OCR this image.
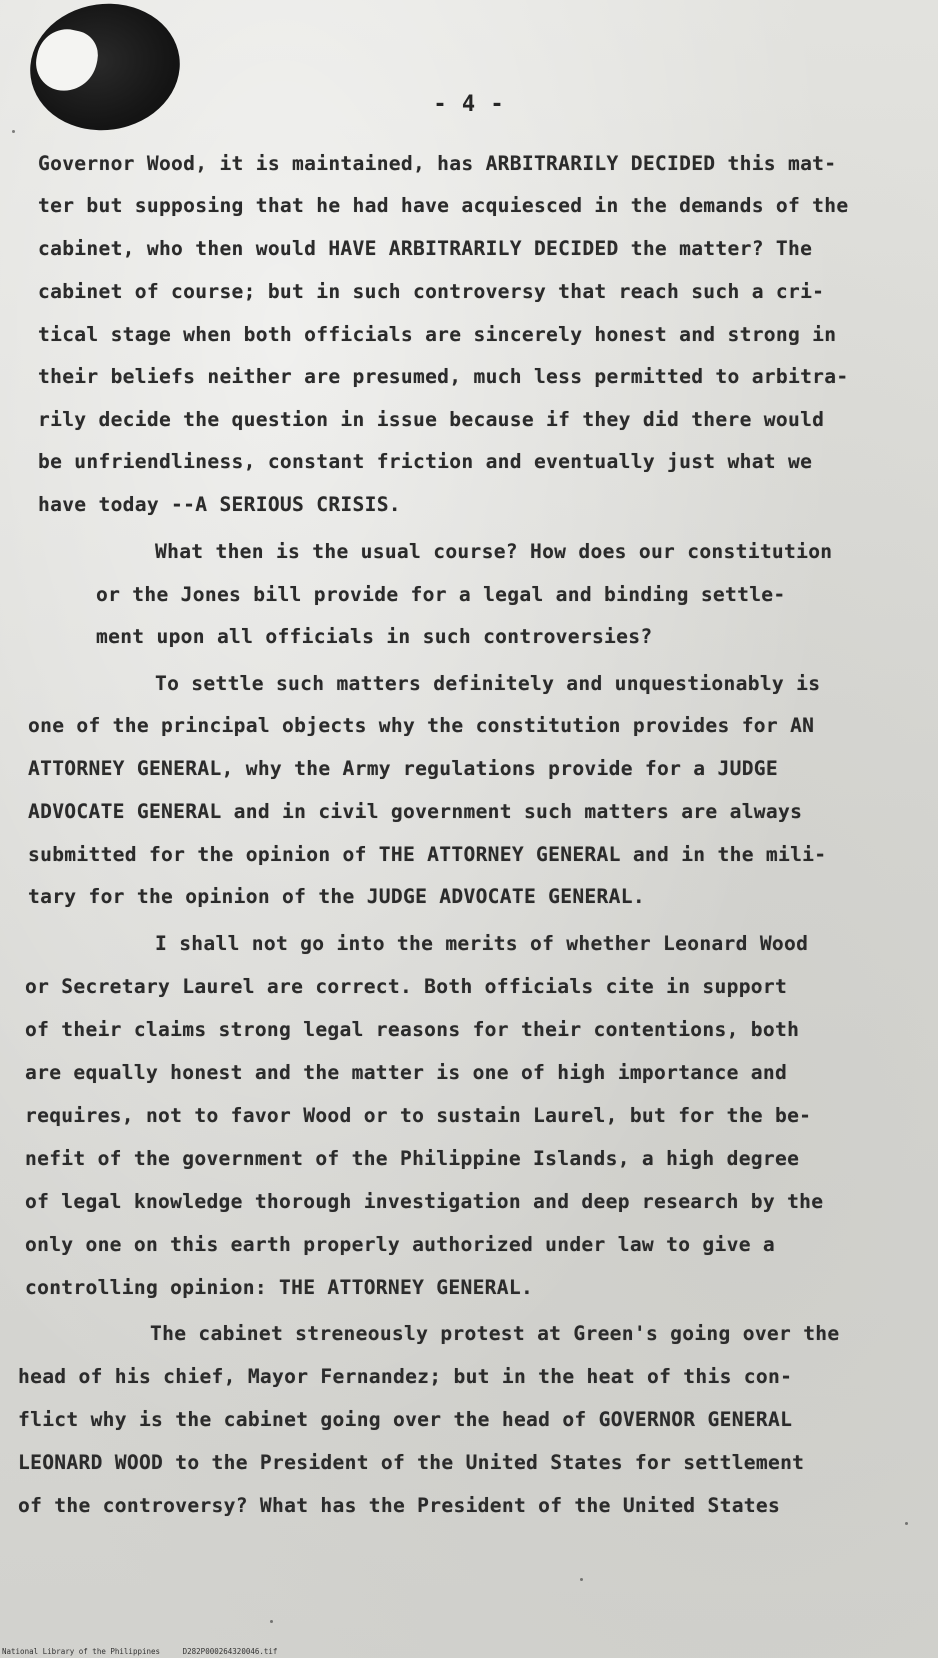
- 4 -
Governor Wood, it is maintained, has ARBITRARILY DECIDED this mat-
ter but supposing that he had have acquiesced in the demands of the
cabinet, who then would HAVE ARBITRARILY DECIDED the matter? The
cabinet of course; but in such controversy that reach such a cri-
tical stage when both officials are sincerely honest and strong in
their beliefs neither are presumed, much less permitted to arbitra-
rily decide the question in issue because if they did there would
be unfriendliness, constant friction and eventually just what we
have today --A SERIOUS CRISIS.
What then is the usual course? How does our constitution
or the Jones bill provide for a legal and binding settle-
ment upon all officials in such controversies?
To settle such matters definitely and unquestionably is
one of the principal objects why the constitution provides for AN
ATTORNEY GENERAL, why the Army regulations provide for a JUDGE
ADVOCATE GENERAL and in civil government such matters are always
submitted for the opinion of THE ATTORNEY GENERAL and in the mili-
tary for the opinion of the JUDGE ADVOCATE GENERAL.
I shall not go into the merits of whether Leonard Wood
or Secretary Laurel are correct. Both officials cite in support
of their claims strong legal reasons for their contentions, both
are equally honest and the matter is one of high importance and
requires, not to favor Wood or to sustain Laurel, but for the be-
nefit of the government of the Philippine Islands, a high degree
of legal knowledge thorough investigation and deep research by the
only one on this earth properly authorized under law to give a
controlling opinion: THE ATTORNEY GENERAL.
The cabinet streneously protest at Green's going over the
head of his chief, Mayor Fernandez; but in the heat of this con-
flict why is the cabinet going over the head of GOVERNOR GENERAL
LEONARD WOOD to the President of the United States for settlement
of the controversy? What has the President of the United States
National Library of the Philippines     D282P000264320046.tif
